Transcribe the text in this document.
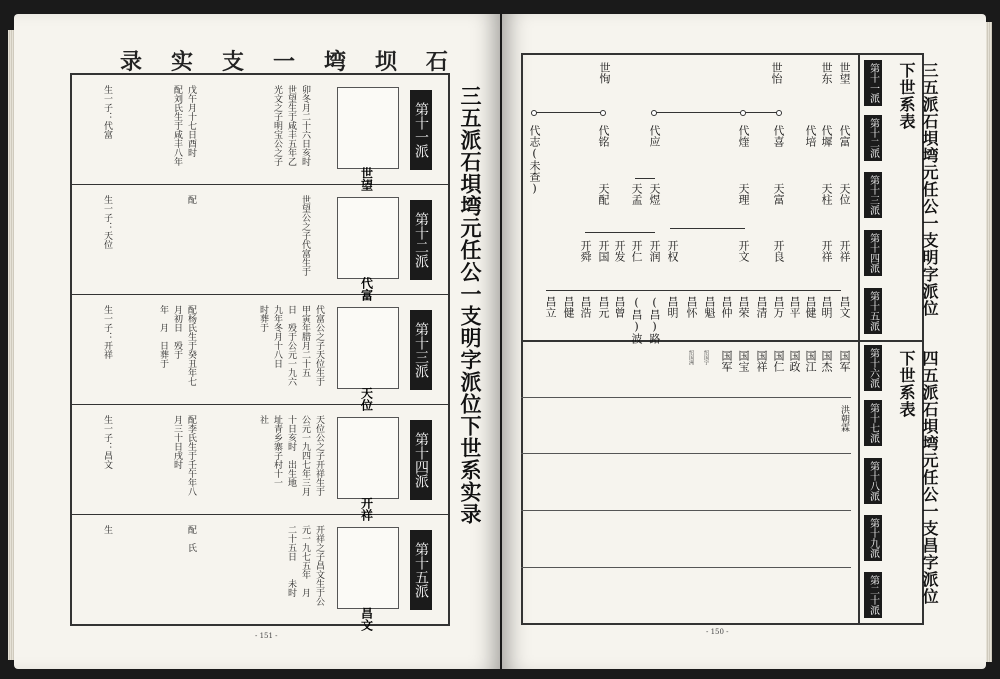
录 实 支 一 塆 坝 石
第十一派
世望
光文之子明宝公之子 世望生于咸丰五年乙 卯冬月二十六日亥时
配刘氏生于咸丰八年 戊午月十七日酉时
生一子：代富
第十二派
代富
世望公之子代富生于
配
生一子：天位
第十三派
天位
代富公之子天位生于
甲寅年腊月二十五
日　殁于公元一九六
九年冬月十八日
时葬于
配杨氏生于癸丑年七
月初日　殁于
年　月　日葬于
生一子：开祥
第十四派
开祥
天位公之子开祥生于
公元一九四七年三月
十日亥时　出生地
址青乡寨子村十一
社
配李氏生于壬午年八
月三十日戌时
生一子：昌文
第十五派
昌文
开祥之子昌文生于公
元一九七五年　月
二十五日　　未时
配　氏
生
三五派石垻塆元任公一支明字派位下世系实录
- 151 -
三五派石垻塆元任公一支明字派位下世系表
四五派石垻塆元任公一支昌字派位下世系表
第十一派
第十二派
第十三派
第十四派
第十五派
第十六派
第十七派
第十八派
第十九派
第二十派
世望
世东
世怡
世恂
代富
代墀
代培
代喜
代煃
代应
代铭
代志(未查)	天位
天柱
天富
天理
天煜
天孟
天配
开祥
开祥
开良
开文
开权
开润
开仁
开发
开国
开舜
昌文
昌明
昌健
昌平
昌万
昌清
昌荣
昌仲
昌魁
昌怀
昌明
(昌)路
(昌)波
昌曾
昌元
昌浩
昌健
昌立
国军
国杰
国江
国政
国仁
国祥
国宝
国军
绍国宇
绍国洲
洪朝霖
- 150 -
